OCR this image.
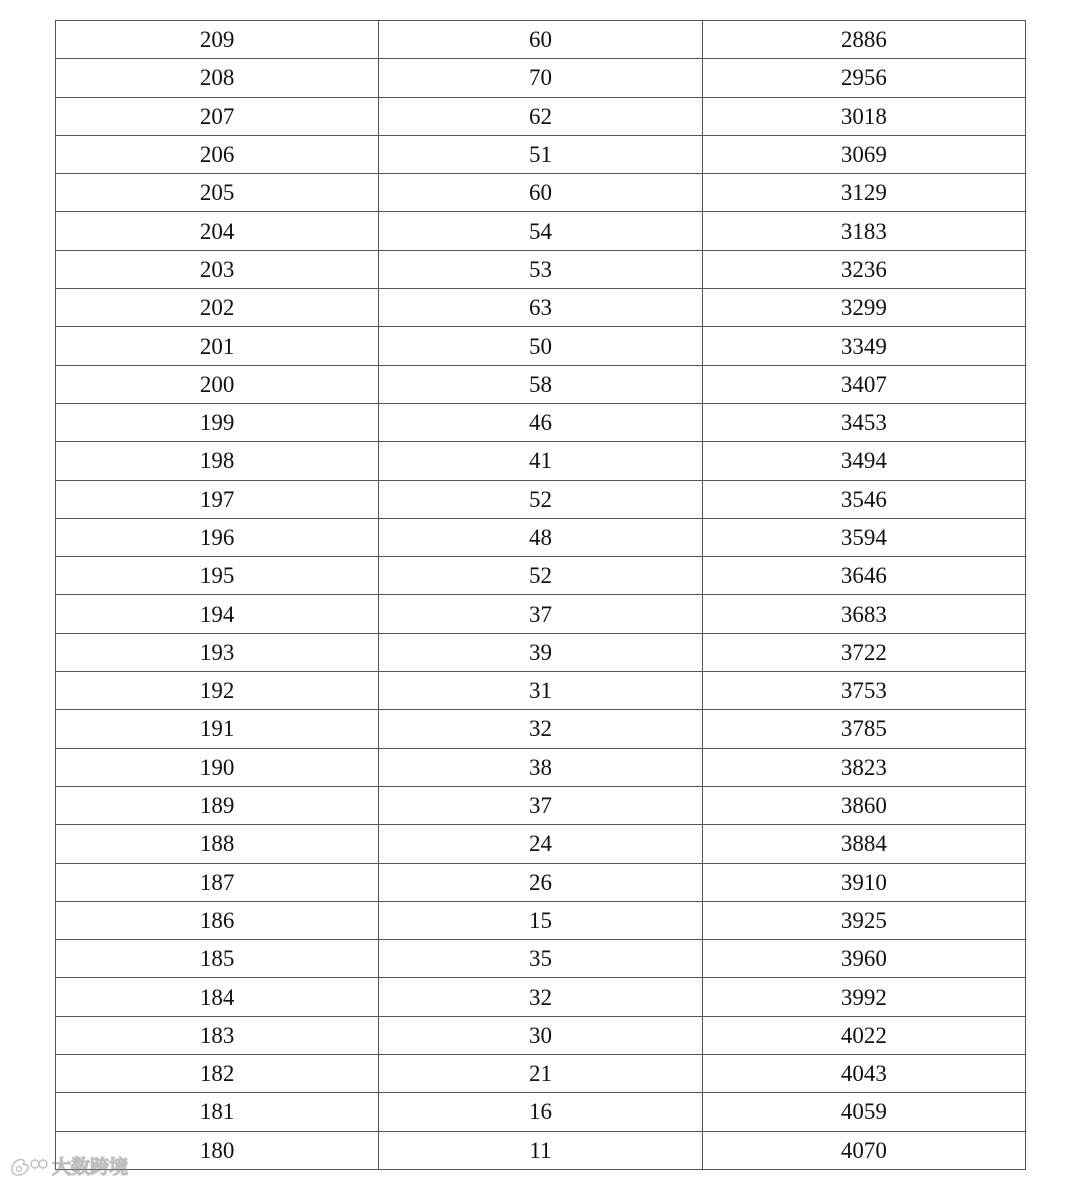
209	60	2886
208	70	2956
207	62	3018
206	51	3069
205	60	3129
204	54	3183
203	53	3236
202	63	3299
201	50	3349
200	58	3407
199	46	3453
198	41	3494
197	52	3546
196	48	3594
195	52	3646
194	37	3683
193	39	3722
192	31	3753
191	32	3785
190	38	3823
189	37	3860
188	24	3884
187	26	3910
186	15	3925
185	35	3960
184	32	3992
183	30	4022
182	21	4043
181	16	4059
180	11	4070
大数跨境
